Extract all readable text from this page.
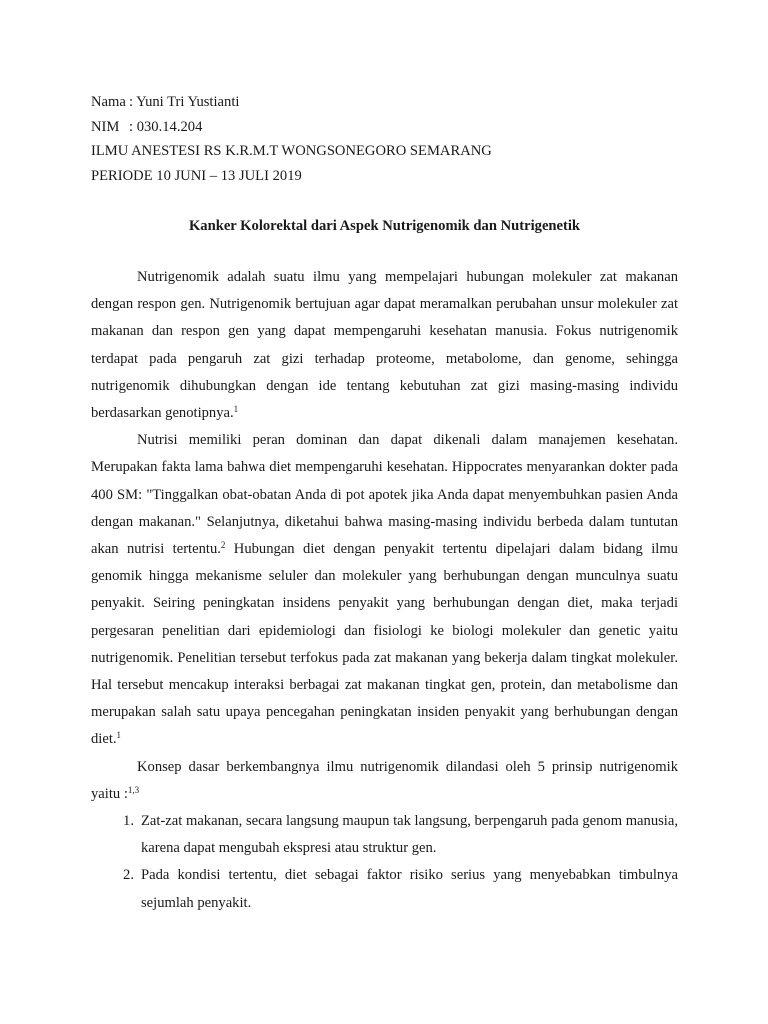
Nama : Yuni Tri Yustianti
NIM : 030.14.204
ILMU ANESTESI RS K.R.M.T WONGSONEGORO SEMARANG
PERIODE 10 JUNI – 13 JULI 2019
Kanker Kolorektal dari Aspek Nutrigenomik dan Nutrigenetik

Nutrigenomik adalah suatu ilmu yang mempelajari hubungan molekuler zat makanan dengan respon gen. Nutrigenomik bertujuan agar dapat meramalkan perubahan unsur molekuler zat makanan dan respon gen yang dapat mempengaruhi kesehatan manusia. Fokus nutrigenomik terdapat pada pengaruh zat gizi terhadap proteome, metabolome, dan genome, sehingga nutrigenomik dihubungkan dengan ide tentang kebutuhan zat gizi masing-masing individu berdasarkan genotipnya.$^1$

Nutrisi memiliki peran dominan dan dapat dikenali dalam manajemen kesehatan. Merupakan fakta lama bahwa diet mempengaruhi kesehatan. Hippocrates menyarankan dokter pada 400 SM: "Tinggalkan obat-obatan Anda di pot apotek jika Anda dapat menyembuhkan pasien Anda dengan makanan." Selanjutnya, diketahui bahwa masing-masing individu berbeda dalam tuntutan akan nutrisi tertentu.$^2$ Hubungan diet dengan penyakit tertentu dipelajari dalam bidang ilmu genomik hingga mekanisme seluler dan molekuler yang berhubungan dengan munculnya suatu penyakit. Seiring peningkatan insidens penyakit yang berhubungan dengan diet, maka terjadi pergesaran penelitian dari epidemiologi dan fisiologi ke biologi molekuler dan genetic yaitu nutrigenomik. Penelitian tersebut terfokus pada zat makanan yang bekerja dalam tingkat molekuler. Hal tersebut mencakup interaksi berbagai zat makanan tingkat gen, protein, dan metabolisme dan merupakan salah satu upaya pencegahan peningkatan insiden penyakit yang berhubungan dengan diet.$^1$

Konsep dasar berkembangnya ilmu nutrigenomik dilandasi oleh 5 prinsip nutrigenomik yaitu :$^{1,3}$

1. Zat-zat makanan, secara langsung maupun tak langsung, berpengaruh pada genom manusia, karena dapat mengubah ekspresi atau struktur gen.
2. Pada kondisi tertentu, diet sebagai faktor risiko serius yang menyebabkan timbulnya sejumlah penyakit.
